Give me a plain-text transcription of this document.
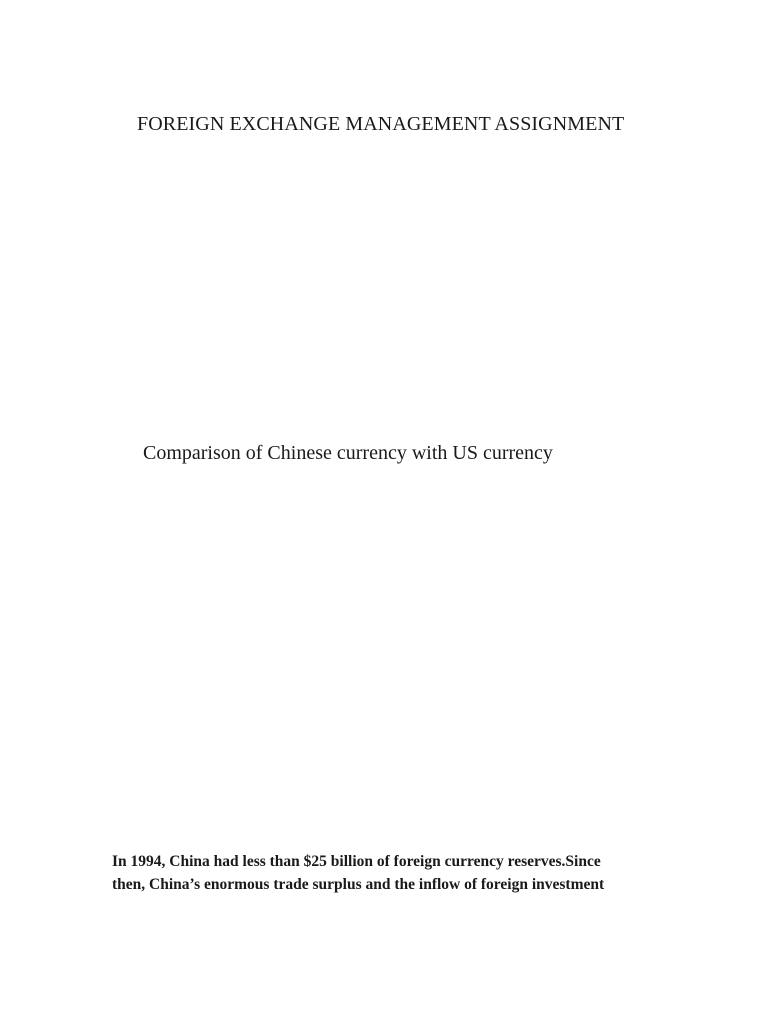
FOREIGN EXCHANGE MANAGEMENT ASSIGNMENT
Comparison of Chinese currency with US currency

In 1994, China had less than $25 billion of foreign currency reserves.Since
then, China’s enormous trade surplus and the inflow of foreign investment
